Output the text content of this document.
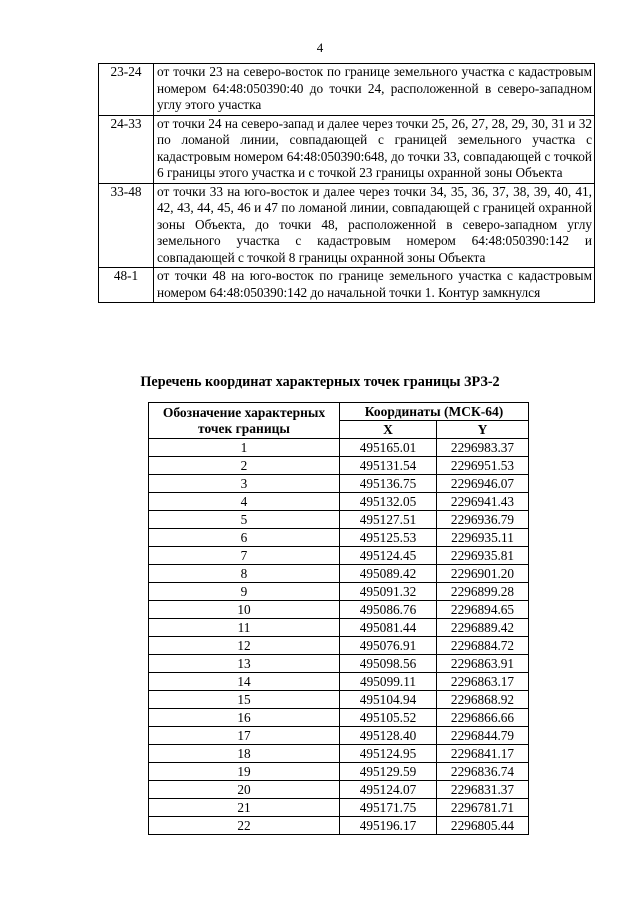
4
23-24	от точки 23 на северо-восток по границе земельного участка с кадастровым номером 64:48:050390:40 до точки 24, расположенной в северо-западном углу этого участка
24-33	от точки 24 на северо-запад и далее через точки 25, 26, 27, 28, 29, 30, 31 и 32 по ломаной линии, совпадающей с границей земельного участка с кадастровым номером 64:48:050390:648, до точки 33, совпадающей с точкой 6 границы этого участка и с точкой 23 границы охранной зоны Объекта
33-48	от точки 33 на юго-восток и далее через точки 34, 35, 36, 37, 38, 39, 40, 41, 42, 43, 44, 45, 46 и 47 по ломаной линии, совпадающей с границей охранной зоны Объекта, до точки 48, расположенной в северо-западном углу земельного участка с кадастровым номером 64:48:050390:142 и совпадающей с точкой 8 границы охранной зоны Объекта
48-1	от точки 48 на юго-восток по границе земельного участка с кадастровым номером 64:48:050390:142 до начальной точки 1. Контур замкнулся
Перечень координат характерных точек границы ЗРЗ-2
Обозначение характерных точек границы	Координаты (МСК-64)	
	X	Y
1	495165.01	2296983.37
2	495131.54	2296951.53
3	495136.75	2296946.07
4	495132.05	2296941.43
5	495127.51	2296936.79
6	495125.53	2296935.11
7	495124.45	2296935.81
8	495089.42	2296901.20
9	495091.32	2296899.28
10	495086.76	2296894.65
11	495081.44	2296889.42
12	495076.91	2296884.72
13	495098.56	2296863.91
14	495099.11	2296863.17
15	495104.94	2296868.92
16	495105.52	2296866.66
17	495128.40	2296844.79
18	495124.95	2296841.17
19	495129.59	2296836.74
20	495124.07	2296831.37
21	495171.75	2296781.71
22	495196.17	2296805.44
